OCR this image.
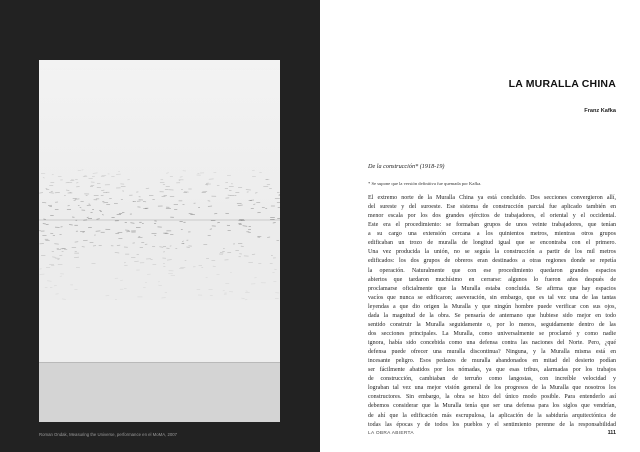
Roman Ondak, Measuring the Universe, performance en el MoMA, 2007
LA MURALLA CHINA
Franz Kafka
De la construcción* (1918-19)
* Se supone que la versión definitiva fue quemada por Kafka.
El extremo norte de la Muralla China ya está concluido. Dos secciones convergieron allí,
del sureste y del suroeste. Ese sistema de construcción parcial fue aplicado también en
menor escala por los dos grandes ejércitos de trabajadores, el oriental y el occidental.
Este era el procedimiento: se formaban grupos de unos veinte trabajadores, que tenían
a su cargo una extensión cercana a los quinientos metros, mientras otros grupos
edificaban un trozo de muralla de longitud igual que se encontraba con el primero.
Una vez producida la unión, no se seguía la construcción a partir de los mil metros
edificados: los dos grupos de obreros eran destinados a otras regiones donde se repetía
la operación. Naturalmente que con ese procedimiento quedaron grandes espacios
abiertos que tardaron muchísimo en cerrarse: algunos lo fueron años después de
proclamarse oficialmente que la Muralla estaba concluida. Se afirma que hay espacios
vacíos que nunca se edificaron; aseveración, sin embargo, que es tal vez una de las tantas
leyendas a que dio origen la Muralla y que ningún hombre puede verificar con sus ojos,
dada la magnitud de la obra. Se pensaría de antemano que hubiese sido mejor en todo
sentido construir la Muralla seguidamente o, por lo menos, seguidamente dentro de las
dos secciones principales. La Muralla, como universalmente se proclamó y como nadie
ignora, había sido concebida como una defensa contra las naciones del Norte. Pero, ¿qué
defensa puede ofrecer una muralla discontinua? Ninguna, y la Muralla misma está en
incesante peligro. Esos pedazos de muralla abandonados en mitad del desierto podían
ser fácilmente abatidos por los nómadas, ya que esas tribus, alarmadas por los trabajos
de construcción, cambiaban de terruño como langostas, con increíble velocidad y
lograban tal vez una mejor visión general de los progresos de la Muralla que nosotros los
constructores. Sin embargo, la obra se hizo del único modo posible. Para entenderlo así
debemos considerar que la Muralla tenía que ser una defensa para los siglos que vendrían,
de ahí que la edificación más escrupulosa, la aplicación de la sabiduría arquitectónica de
todas las épocas y de todos los pueblos y el sentimiento perenne de la responsabilidad
LA OBRA ABIERTA	111
